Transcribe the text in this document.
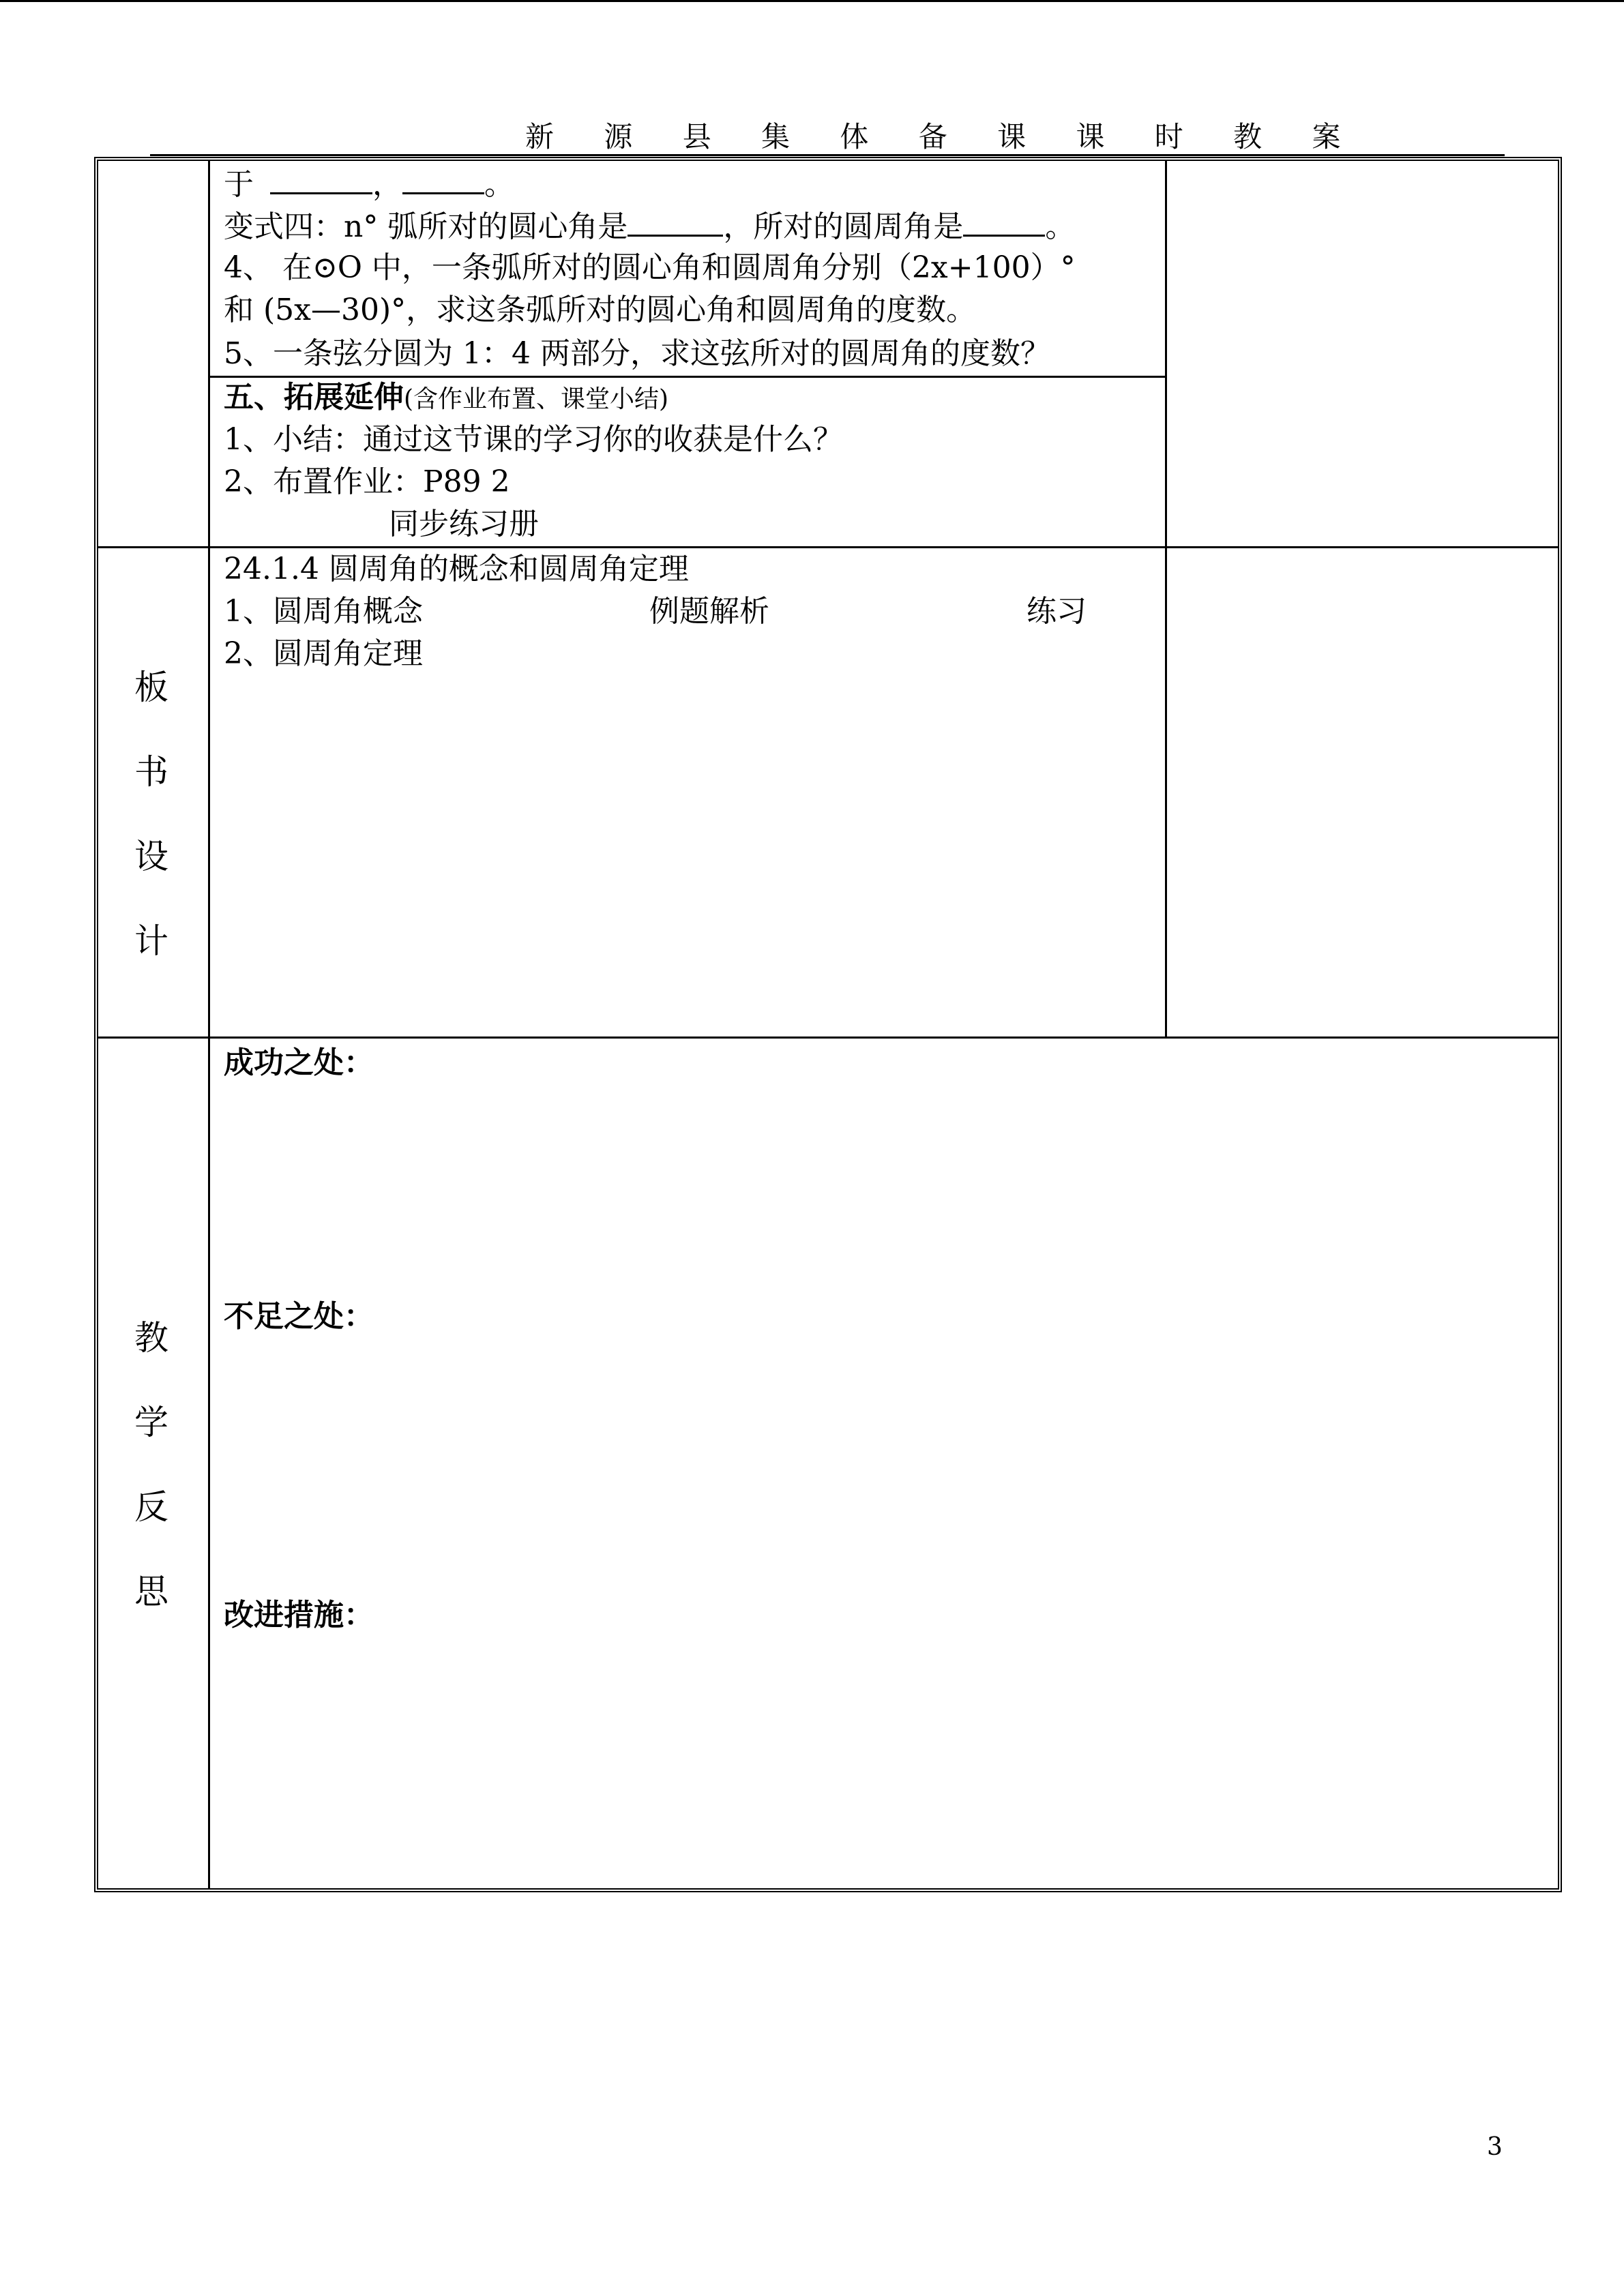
新 源 县 集 体 备 课 课 时 教 案
于	，	。
变式四：n° 弧所对的圆心角是	，所对的圆周角是	。
4、 在⊙O 中，一条弧所对的圆心角和圆周角分别（2x+100）°
和 (5x—30)°，求这条弧所对的圆心角和圆周角的度数。
5、一条弦分圆为 1：4 两部分，求这弦所对的圆周角的度数？
五、拓展延伸(含作业布置、课堂小结)
1、小结：通过这节课的学习你的收获是什么？
2、布置作业：P89 2
同步练习册
板
书
设
计
24.1.4 圆周角的概念和圆周角定理
1、圆周角概念	例题解析	练习
2、圆周角定理
教
学
反
思
成功之处：
不足之处：
改进措施：
3
